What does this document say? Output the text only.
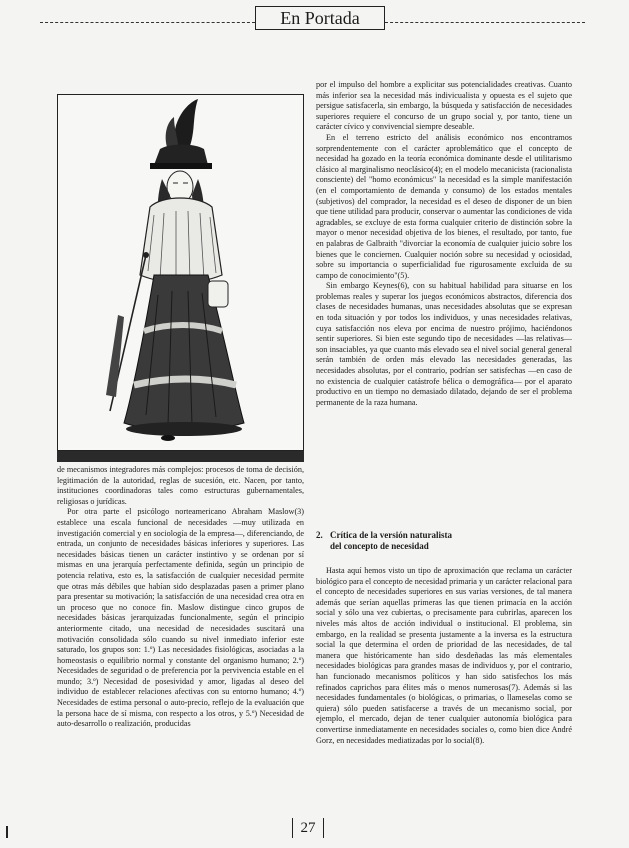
En Portada

de mecanismos integradores más complejos: procesos de toma de decisión, legitimación de la autoridad, reglas de sucesión, etc. Nacen, por tanto, instituciones coordinadoras tales como estructuras gubernamentales, religiosas o jurídicas.

Por otra parte el psicólogo norteamericano Abraham Maslow(3) establece una escala funcional de necesidades —muy utilizada en investigación comercial y en sociología de la empresa—, diferenciando, de entrada, un conjunto de necesidades básicas inferiores y superiores. Las necesidades básicas tienen un carácter instintivo y se ordenan por sí mismas en una jerarquía perfectamente definida, según un principio de potencia relativa, esto es, la satisfacción de cualquier necesidad permite que otras más débiles que habían sido desplazadas pasen a primer plano para presentar su motivación; la satisfacción de una necesidad crea otra en un proceso que no conoce fin. Maslow distingue cinco grupos de necesidades básicas jerarquizadas funcionalmente, según el principio anteriormente citado, una necesidad de necesidades suscitará una motivación consolidada sólo cuando su nivel inmediato inferior este saturado, los grupos son: 1.º) Las necesidades fisiológicas, asociadas a la homeostasis o equilibrio normal y constante del organismo humano; 2.º) Necesidades de seguridad o de preferencia por la pervivencia estable en el mundo; 3.º) Necesidad de posesividad y amor, ligadas al deseo del individuo de establecer relaciones afectivas con su entorno humano; 4.º) Necesidades de estima personal o auto-precio, reflejo de la evaluación que la persona hace de sí misma, con respecto a los otros, y 5.º) Necesidad de auto-desarrollo o realización, producidas

por el impulso del hombre a explicitar sus potencialidades creativas. Cuanto más inferior sea la necesidad más indivicualista y opuesta es el sujeto que persigue satisfacerla, sin embargo, la búsqueda y satisfacción de necesidades superiores requiere el concurso de un grupo social y, por tanto, tiene un carácter cívico y convivencial siempre deseable.

En el terreno estricto del análisis económico nos encontramos sorprendentemente con el carácter aproblemático que el concepto de necesidad ha gozado en la teoría económica dominante desde el utilitarismo clásico al marginalismo neoclásico(4); en el modelo mecanicista (racionalista consciente) del "homo económicus" la necesidad es la simple manifestación (en el comportamiento de demanda y consumo) de los estados mentales (subjetivos) del comprador, la necesidad es el deseo de disponer de un bien que tiene utilidad para producir, conservar o aumentar las condiciones de vida agradables, se excluye de esta forma cualquier criterio de distinción sobre la mayor o menor necesidad objetiva de los bienes, el resultado, por tanto, fue en palabras de Galbraith "divorciar la economía de cualquier juicio sobre los bienes que le conciernen. Cualquier noción sobre su necesidad y ociosidad, sobre su importancia o superficialidad fue rigurosamente excluida de su campo de conocimiento"(5).

Sin embargo Keynes(6), con su habitual habilidad para situarse en los problemas reales y superar los juegos económicos abstractos, diferencia dos clases de necesidades humanas, unas necesidades absolutas que se expresan en toda situación y por todos los individuos, y unas necesidades relativas, cuya satisfacción nos eleva por encima de nuestro prójimo, haciéndonos sentir superiores. Si bien este segundo tipo de necesidades —las relativas— son insaciables, ya que cuanto más elevado sea el nivel social general general serán también de orden más elevado las necesidades generadas, las necesidades absolutas, por el contrario, podrían ser satisfechas —en caso de no existencia de cualquier catástrofe bélica o demográfica— por el aparato productivo en un tiempo no demasiado dilatado, dejando de ser el problema permanente de la raza humana.

2. Crítica de la versión naturalista
del concepto de necesidad

Hasta aquí hemos visto un tipo de aproximación que reclama un carácter biológico para el concepto de necesidad primaria y un carácter relacional para el concepto de necesidades superiores en sus varias versiones, de tal manera además que serían aquellas primeras las que tienen primacía en la acción social y sólo una vez cubiertas, o precisamente para cubrirlas, aparecen los niveles más altos de acción individual o institucional. El problema, sin embargo, en la realidad se presenta justamente a la inversa es la estructura social la que determina el orden de prioridad de las necesidades, de tal manera que históricamente han sido desdeñadas las más elementales necesidades biológicas para grandes masas de individuos y, por el contrario, han funcionado mecanismos políticos y han sido satisfechos los más refinados caprichos para élites más o menos numerosas(7). Además si las necesidades fundamentales (o biológicas, o primarias, o llameselas como se quiera) sólo pueden satisfacerse a través de un mecanismo social, por ejemplo, el mercado, dejan de tener cualquier autonomía biológica para convertirse inmediatamente en necesidades sociales o, como bien dice André Gorz, en necesidades mediatizadas por lo social(8).

27
